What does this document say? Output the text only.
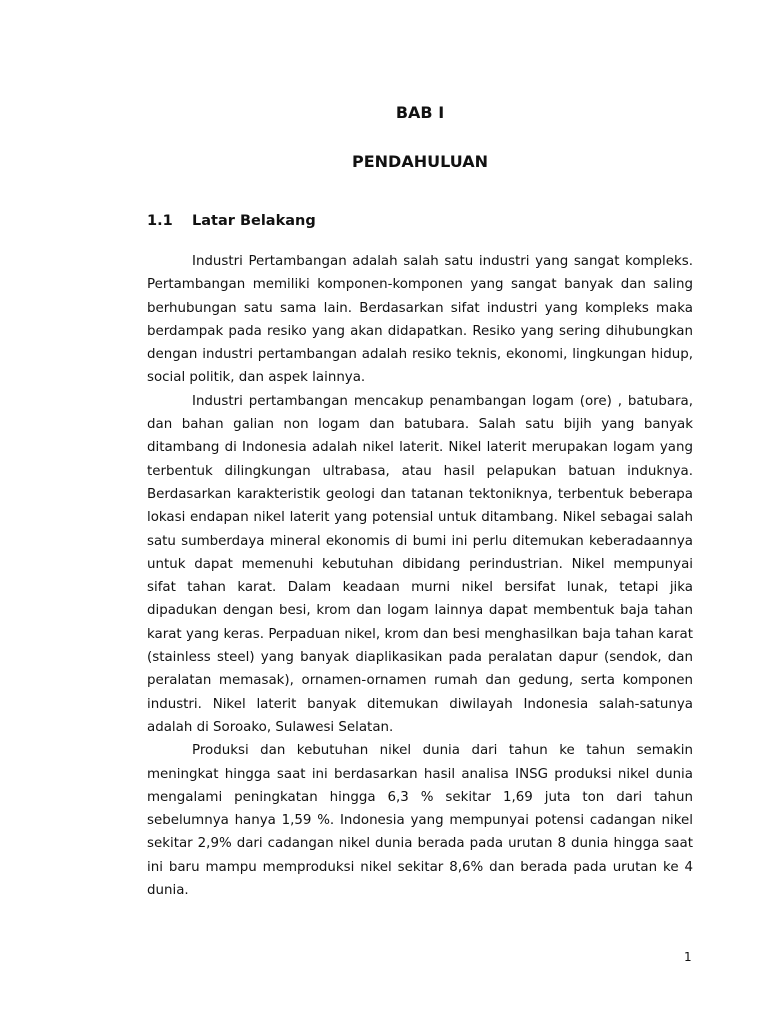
BAB I
PENDAHULUAN
1.1 Latar Belakang

Industri Pertambangan adalah salah satu industri yang sangat kompleks. Pertambangan memiliki komponen-komponen yang sangat banyak dan saling berhubungan satu sama lain. Berdasarkan sifat industri yang kompleks maka berdampak pada resiko yang akan didapatkan. Resiko yang sering dihubungkan dengan industri pertambangan adalah resiko teknis, ekonomi, lingkungan hidup, social politik, dan aspek lainnya.

Industri pertambangan mencakup penambangan logam (ore) , batubara, dan bahan galian non logam dan batubara. Salah satu bijih yang banyak ditambang di Indonesia adalah nikel laterit. Nikel laterit merupakan logam yang terbentuk dilingkungan ultrabasa, atau hasil pelapukan batuan induknya. Berdasarkan karakteristik geologi dan tatanan tektoniknya, terbentuk beberapa lokasi endapan nikel laterit yang potensial untuk ditambang. Nikel sebagai salah satu sumberdaya mineral ekonomis di bumi ini perlu ditemukan keberadaannya untuk dapat memenuhi kebutuhan dibidang perindustrian. Nikel mempunyai sifat tahan karat. Dalam keadaan murni nikel bersifat lunak, tetapi jika dipadukan dengan besi, krom dan logam lainnya dapat membentuk baja tahan karat yang keras. Perpaduan nikel, krom dan besi menghasilkan baja tahan karat (stainless steel) yang banyak diaplikasikan pada peralatan dapur (sendok, dan peralatan memasak), ornamen-ornamen rumah dan gedung, serta komponen industri. Nikel laterit banyak ditemukan diwilayah Indonesia salah-satunya adalah di Soroako, Sulawesi Selatan.

Produksi dan kebutuhan nikel dunia dari tahun ke tahun semakin meningkat hingga saat ini berdasarkan hasil analisa INSG produksi nikel dunia mengalami peningkatan hingga 6,3 % sekitar 1,69 juta ton dari tahun sebelumnya hanya 1,59 %. Indonesia yang mempunyai potensi cadangan nikel sekitar 2,9% dari cadangan nikel dunia berada pada urutan 8 dunia hingga saat ini baru mampu memproduksi nikel sekitar 8,6% dan berada pada urutan ke 4 dunia.

1
